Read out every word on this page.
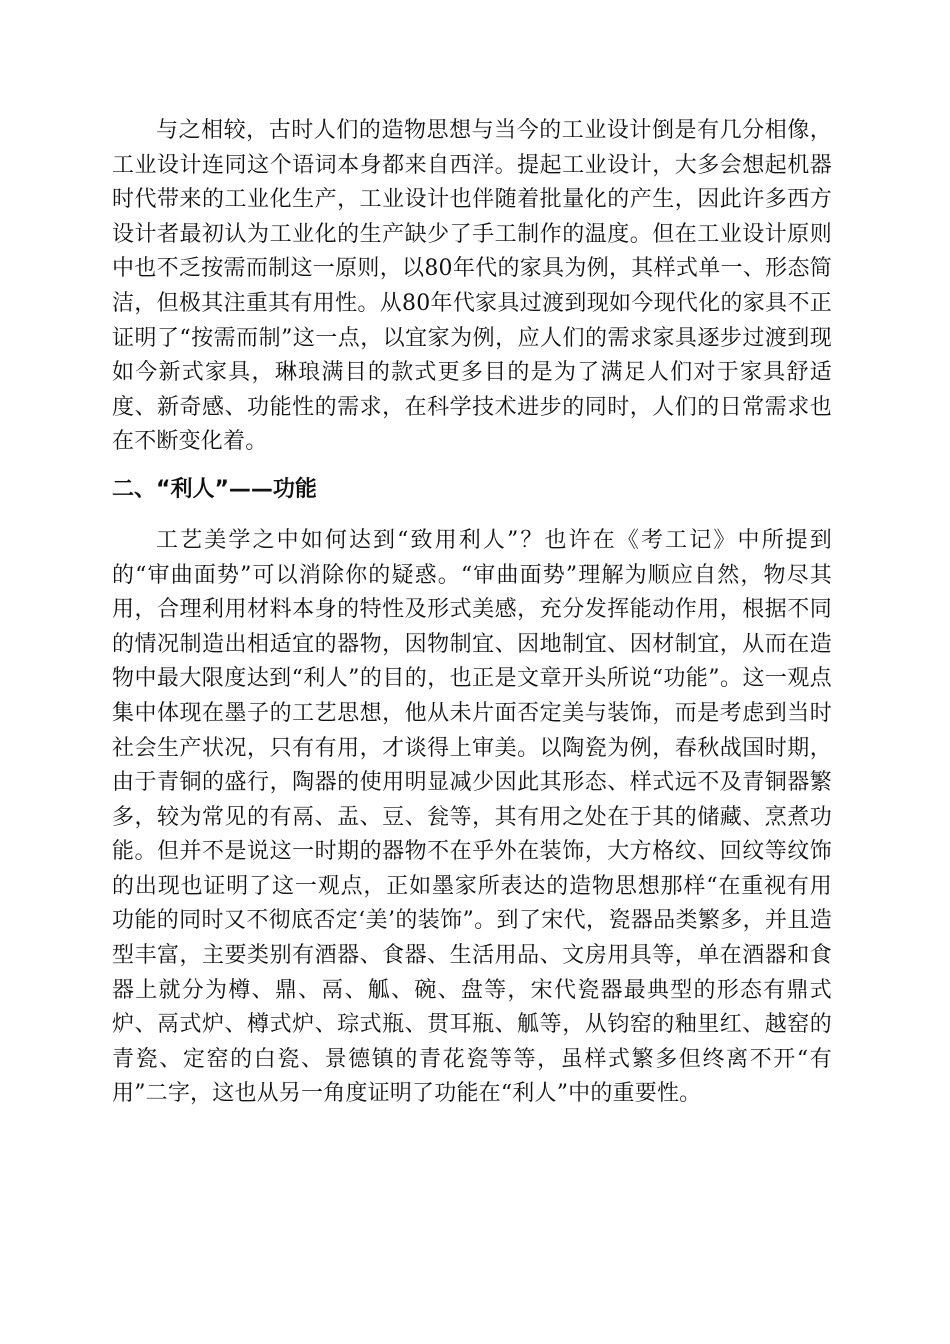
与之相较，古时人们的造物思想与当今的工业设计倒是有几分相像，工业设计连同这个语词本身都来自西洋。提起工业设计，大多会想起机器时代带来的工业化生产，工业设计也伴随着批量化的产生，因此许多西方设计者最初认为工业化的生产缺少了手工制作的温度。但在工业设计原则中也不乏按需而制这一原则，以80年代的家具为例，其样式单一、形态简洁，但极其注重其有用性。从80年代家具过渡到现如今现代化的家具不正证明了“按需而制”这一点，以宜家为例，应人们的需求家具逐步过渡到现如今新式家具，琳琅满目的款式更多目的是为了满足人们对于家具舒适度、新奇感、功能性的需求，在科学技术进步的同时，人们的日常需求也在不断变化着。

二、“利人”——功能

工艺美学之中如何达到“致用利人”？也许在《考工记》中所提到的“审曲面势”可以消除你的疑惑。“审曲面势”理解为顺应自然，物尽其用，合理利用材料本身的特性及形式美感，充分发挥能动作用，根据不同的情况制造出相适宜的器物，因物制宜、因地制宜、因材制宜，从而在造物中最大限度达到“利人”的目的，也正是文章开头所说“功能”。这一观点集中体现在墨子的工艺思想，他从未片面否定美与装饰，而是考虑到当时社会生产状况，只有有用，才谈得上审美。以陶瓷为例，春秋战国时期，由于青铜的盛行，陶器的使用明显减少因此其形态、样式远不及青铜器繁多，较为常见的有鬲、盂、豆、瓮等，其有用之处在于其的储藏、烹煮功能。但并不是说这一时期的器物不在乎外在装饰，大方格纹、回纹等纹饰的出现也证明了这一观点，正如墨家所表达的造物思想那样“在重视有用功能的同时又不彻底否定‘美’的装饰”。到了宋代，瓷器品类繁多，并且造型丰富，主要类别有酒器、食器、生活用品、文房用具等，单在酒器和食器上就分为樽、鼎、鬲、觚、碗、盘等，宋代瓷器最典型的形态有鼎式炉、鬲式炉、樽式炉、琮式瓶、贯耳瓶、觚等，从钧窑的釉里红、越窑的青瓷、定窑的白瓷、景德镇的青花瓷等等，虽样式繁多但终离不开“有用”二字，这也从另一角度证明了功能在“利人”中的重要性。
